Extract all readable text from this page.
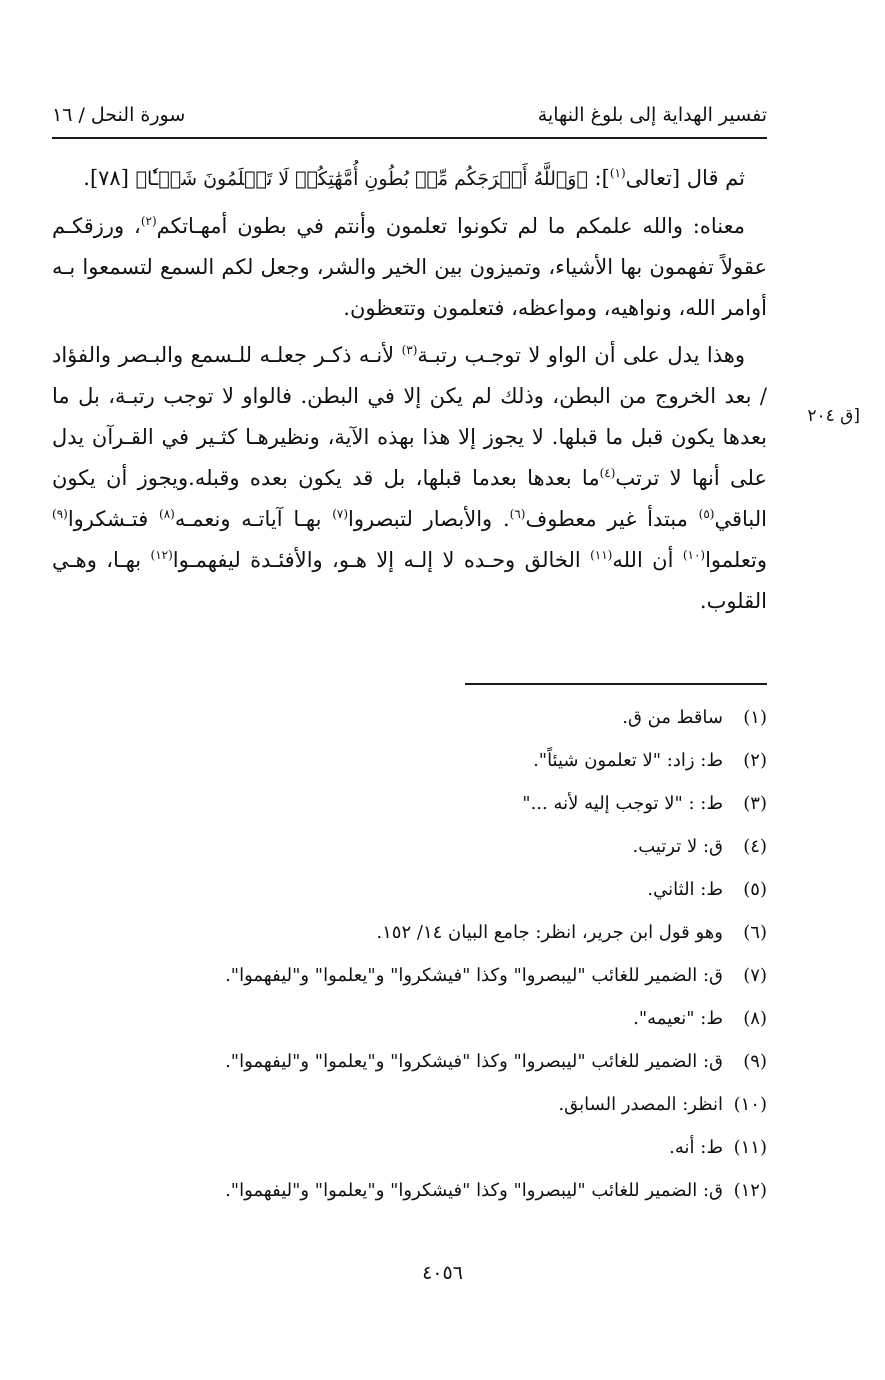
تفسير الهداية إلى بلوغ النهاية
سورة النحل / ١٦
[ق ٢٠٤

ثم قال [تعالى$^{(١)}$]: ﴿وَٱللَّهُ أَخۡرَجَكُم مِّنۢ بُطُونِ أُمَّهَٰتِكُمۡ لَا تَعۡلَمُونَ شَيۡـٔٗا﴾ [٧٨].

معناه: والله علمكم ما لم تكونوا تعلمون وأنتم في بطون أمهـاتكم$^{(٢)}$، ورزقكـم عقولاً تفهمون بها الأشياء، وتميزون بين الخير والشر، وجعل لكم السمع لتسمعوا بـه أوامر الله، ونواهيه، ومواعظه، فتعلمون وتتعظون.

وهذا يدل على أن الواو لا توجـب رتبـة$^{(٣)}$ لأنـه ذكـر جعلـه للـسمع والبـصر والفؤاد / بعد الخروج من البطن، وذلك لم يكن إلا في البطن. فالواو لا توجب رتبـة، بل ما بعدها يكون قبل ما قبلها. لا يجوز إلا هذا بهذه الآية، ونظيرهـا كثـير في القـرآن يدل على أنها لا ترتب$^{(٤)}$ما بعدها بعدما قبلها، بل قد يكون بعده وقبله.ويجوز أن يكون الباقي$^{(٥)}$ مبتدأ غير معطوف$^{(٦)}$. والأبصار لتبصروا$^{(٧)}$ بهـا آياتـه ونعمـه$^{(٨)}$ فتـشكروا$^{(٩)}$ وتعلموا$^{(١٠)}$ أن الله$^{(١١)}$ الخالق وحـده لا إلـه إلا هـو، والأفئـدة ليفهمـوا$^{(١٢)}$ بهـا، وهـي القلوب.

(١)
ساقط من ق.
(٢)
ط: زاد: "لا تعلمون شيئاً".
(٣)
ط: : "لا توجب إليه لأنه ..."
(٤)
ق: لا ترتيب.
(٥)
ط: الثاني.
(٦)
وهو قول ابن جرير، انظر: جامع البيان ١٤/ ١٥٢.
(٧)
ق: الضمير للغائب "ليبصروا" وكذا "فيشكروا" و"يعلموا" و"ليفهموا".
(٨)
ط: "نعيمه".
(٩)
ق: الضمير للغائب "ليبصروا" وكذا "فيشكروا" و"يعلموا" و"ليفهموا".
(١٠)
انظر: المصدر السابق.
(١١)
ط: أنه.
(١٢)
ق: الضمير للغائب "ليبصروا" وكذا "فيشكروا" و"يعلموا" و"ليفهموا".
٤٠٥٦
